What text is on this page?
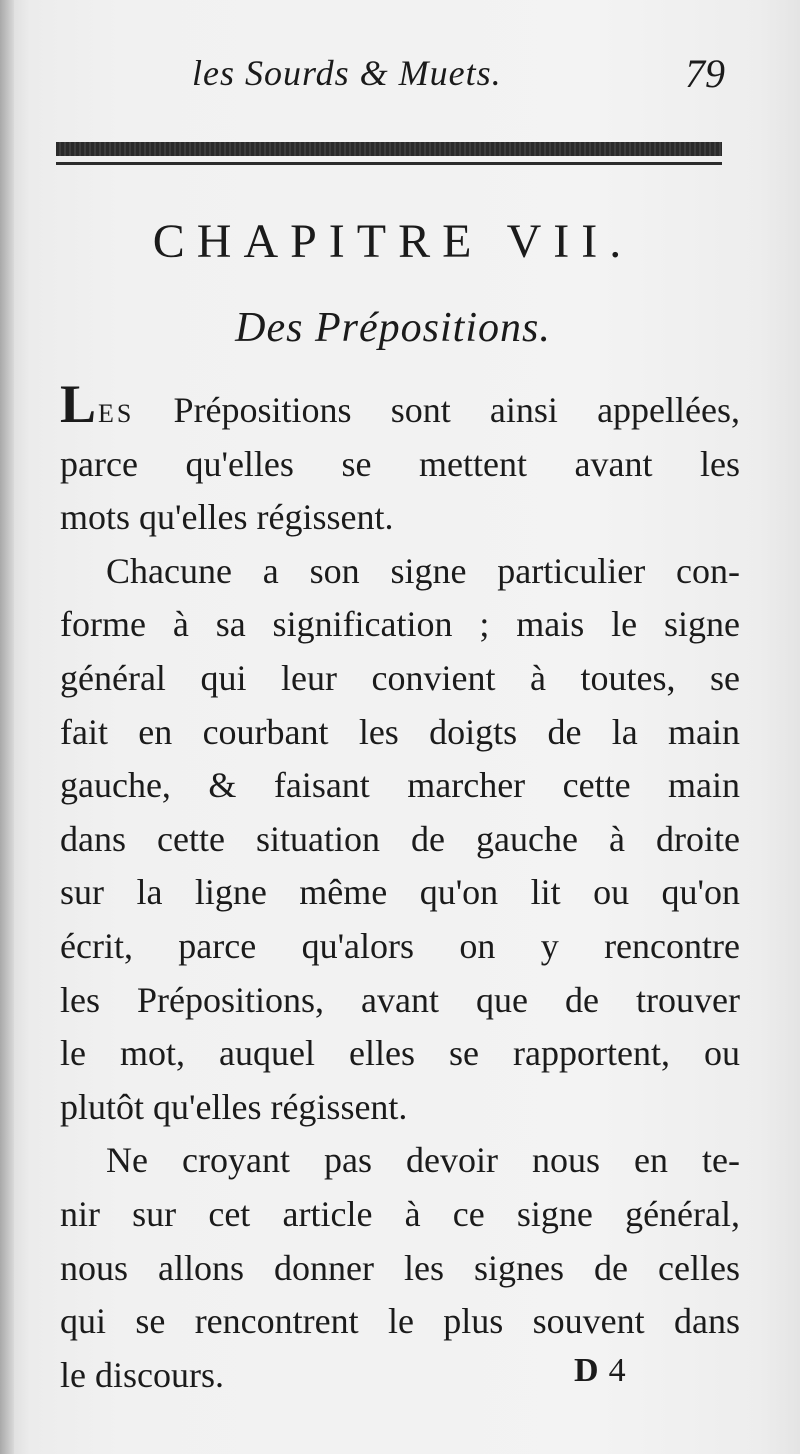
les Sourds & Muets.	79
CHAPITRE VII.
Des Prépositions.
LES Prépositions sont ainsi appellées,
parce qu'elles se mettent avant les
mots qu'elles régissent.
Chacune a son signe particulier con-
forme à sa signification ; mais le signe
général qui leur convient à toutes, se
fait en courbant les doigts de la main
gauche, & faisant marcher cette main
dans cette situation de gauche à droite
sur la ligne même qu'on lit ou qu'on
écrit, parce qu'alors on y rencontre
les Prépositions, avant que de trouver
le mot, auquel elles se rapportent, ou
plutôt qu'elles régissent.
Ne croyant pas devoir nous en te-
nir sur cet article à ce signe général,
nous allons donner les signes de celles
qui se rencontrent le plus souvent dans
le discours.	D 4
